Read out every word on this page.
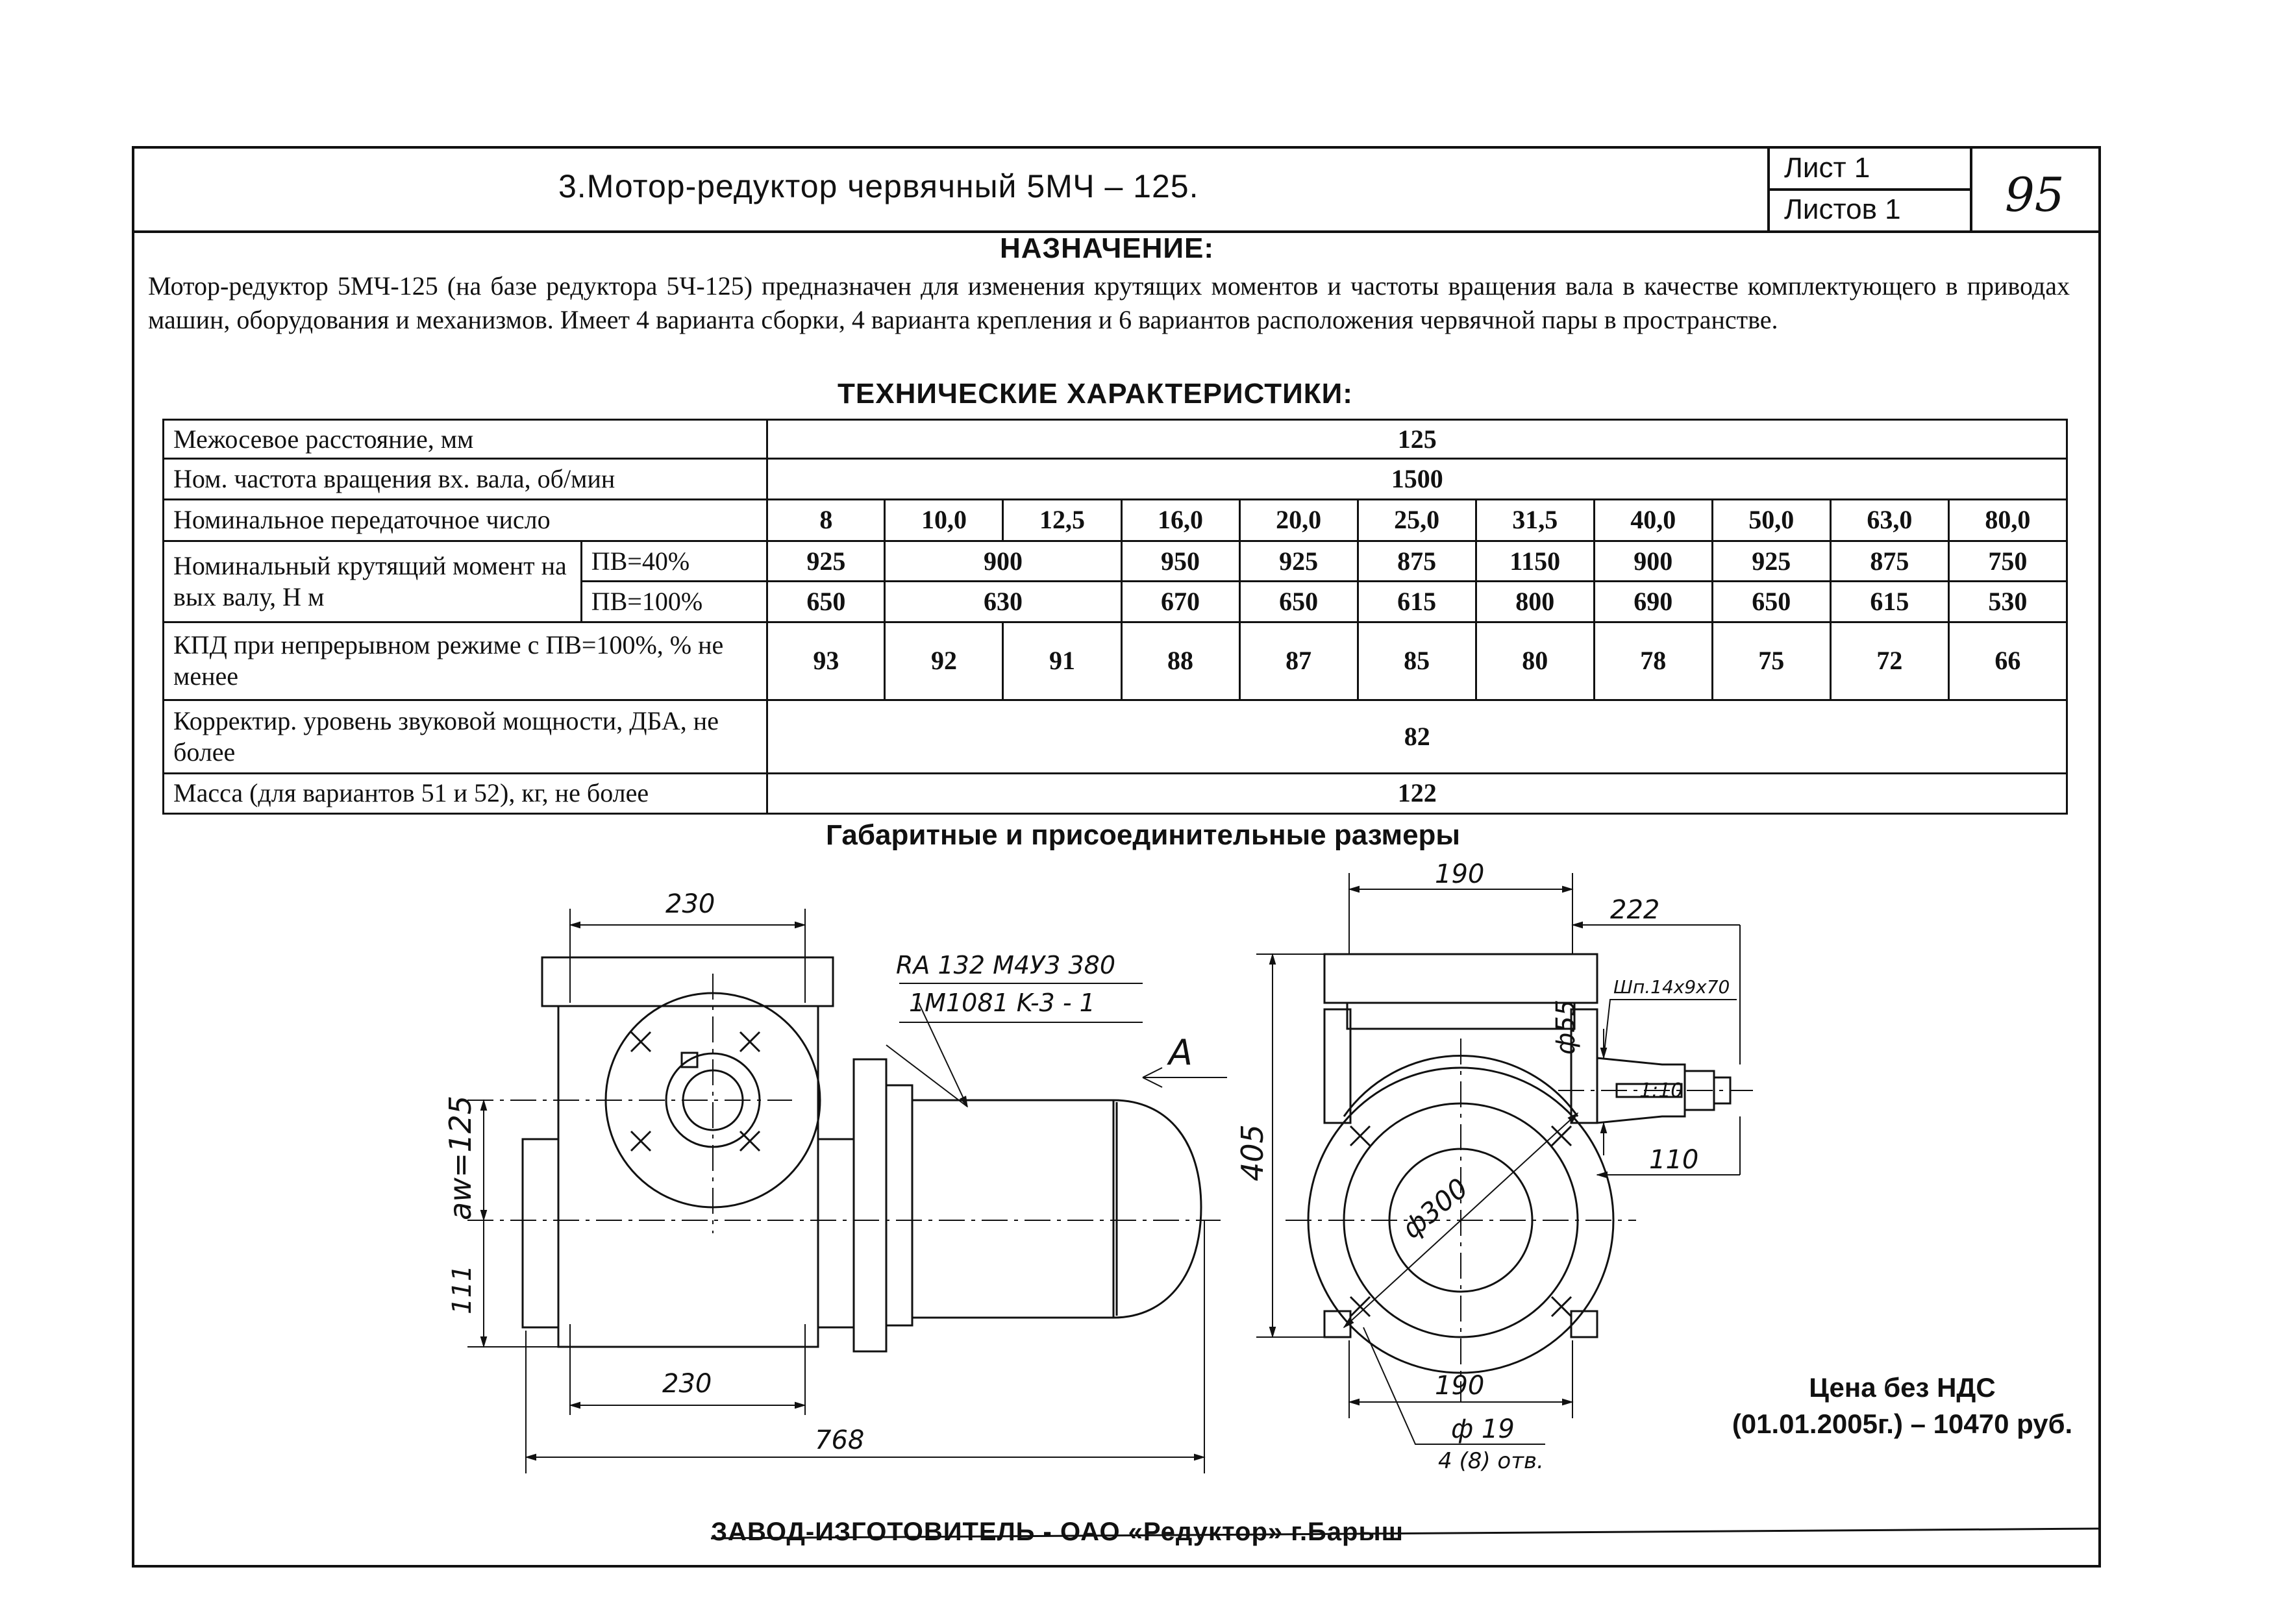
3.Мотор-редуктор червячный 5МЧ – 125.
Лист 1
Листов 1 95
НАЗНАЧЕНИЕ:
Мотор-редуктор 5МЧ-125 (на базе редуктора 5Ч-125) предназначен для изменения крутящих моментов и частоты вращения вала в качестве комплектующего в приводах машин, оборудования и механизмов. Имеет 4 варианта сборки, 4 варианта крепления и 6 вариантов расположения червячной пары в пространстве.
ТЕХНИЧЕСКИЕ ХАРАКТЕРИСТИКИ:
Межосевое расстояние, мм		125										
Ном. частота вращения вх. вала, об/мин		1500										
Номинальное передаточное число		8	10,0	12,5	16,0	20,0	25,0	31,5	40,0	50,0	63,0	80,0
Номинальный крутящий момент на вых валу, Н м	ПВ=40%	925	900		950	925	875	1150	900	925	875	750
	ПВ=100%	650	630		670	650	615	800	690	650	615	530
КПД при непрерывном режиме с ПВ=100%, % не менее		93	92	91	88	87	85	80	78	75	72	66
Корректир. уровень звуковой мощности, ДБА, не более		82										
Масса (для вариантов 51 и 52), кг, не более		122										
Габаритные и присоединительные размеры
230
RA 132 M4У3 380
1M1081 K-3 - 1
A
aw=125
111
230
768
190
222
Шп.14x9x70
ф55
1:10
110
405
ф300
190
ф 19
4 (8) отв.
Цена без НДС
(01.01.2005г.) – 10470 руб.
ЗАВОД-ИЗГОТОВИТЕЛЬ - ОАО «Редуктор» г.Барыш
